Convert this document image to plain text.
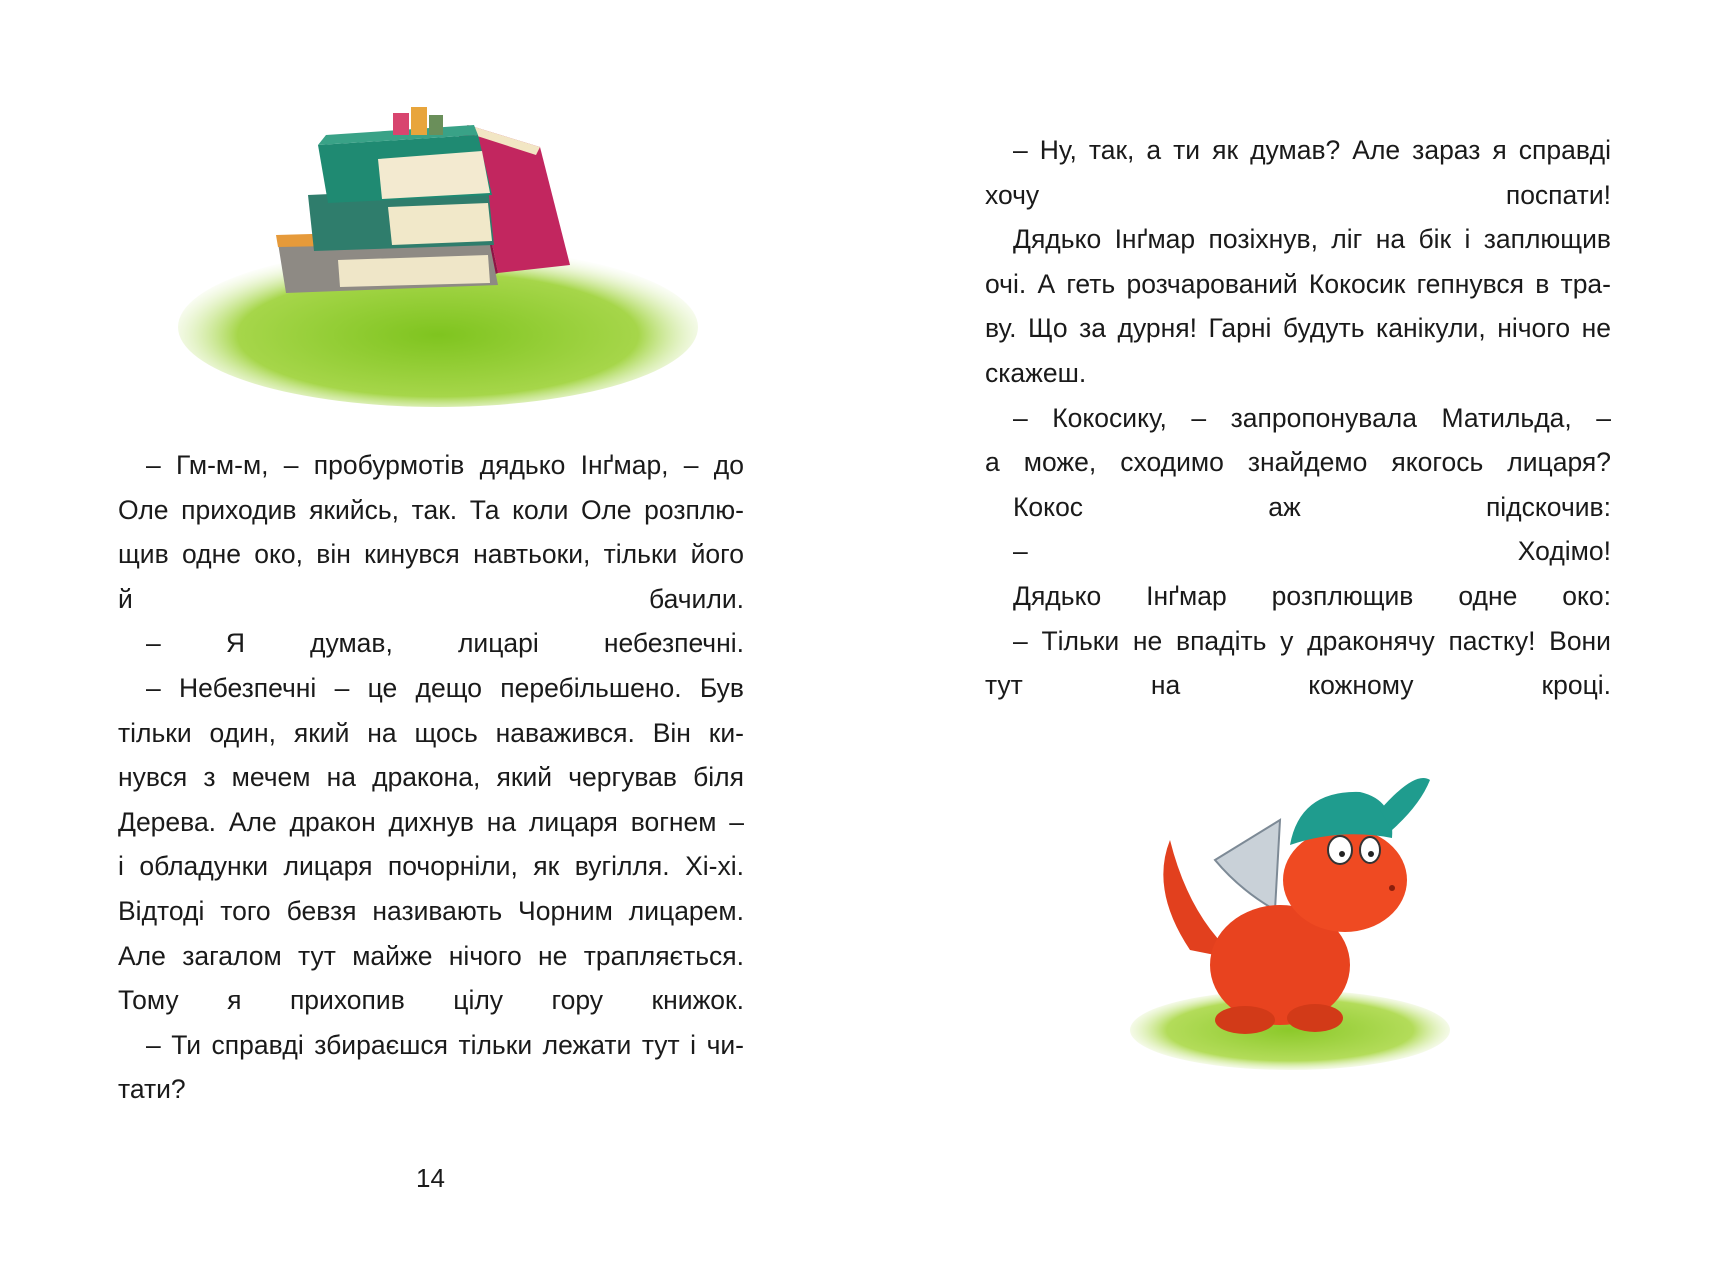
– Гм-м-м, – пробурмотів дядько Інґмар, – до
Оле приходив якийсь, так. Та коли Оле розплю-
щив одне око, він кинувся навтьоки, тільки його
й бачили.
– Я думав, лицарі небезпечні.
– Небезпечні – це дещо перебільшено. Був
тільки один, який на щось наважився. Він ки-
нувся з мечем на дракона, який чергував біля
Дерева. Але дракон дихнув на лицаря вогнем –
і обладунки лицаря почорніли, як вугілля. Хі-хі.
Відтоді того бевзя називають Чорним лицарем.
Але загалом тут майже нічого не трапляється.
Тому я прихопив цілу гору книжок.
– Ти справді збираєшся тільки лежати тут і чи-
тати?
14
– Ну, так, а ти як думав? Але зараз я справді
хочу поспати!
Дядько Інґмар позіхнув, ліг на бік і заплющив
очі. А геть розчарований Кокосик гепнувся в тра-
ву. Що за дурня! Гарні будуть канікули, нічого не
скажеш.
– Кокосику, – запропонувала Матильда, –
а може, сходимо знайдемо якогось лицаря?
Кокос аж підскочив:
– Ходімо!
Дядько Інґмар розплющив одне око:
– Тільки не впадіть у драконячу пастку! Вони
тут на кожному кроці.
